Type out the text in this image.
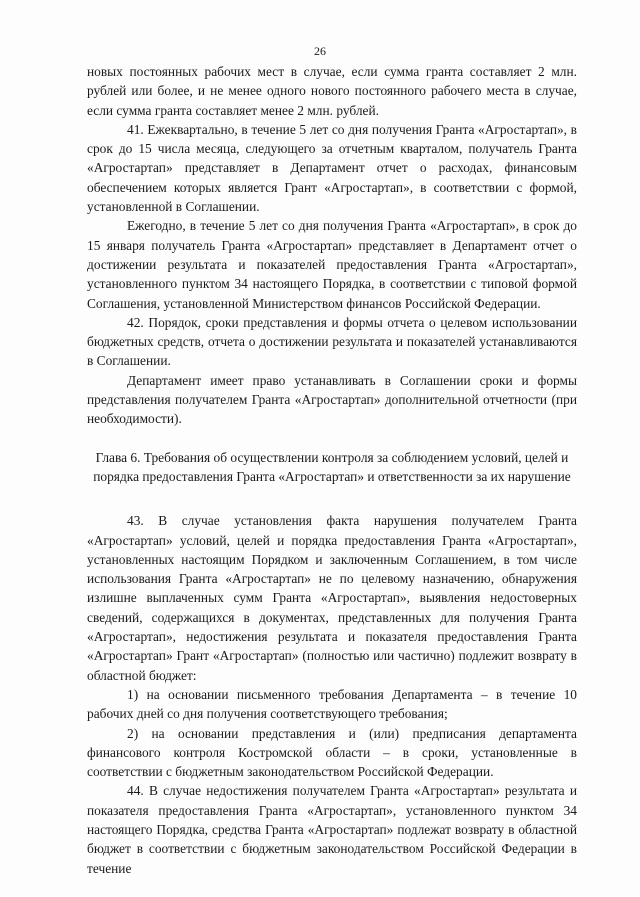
26

новых постоянных рабочих мест в случае, если сумма гранта составляет 2 млн. рублей или более, и не менее одного нового постоянного рабочего места в случае, если сумма гранта составляет менее 2 млн. рублей.

41. Ежеквартально, в течение 5 лет со дня получения Гранта «Агростартап», в срок до 15 числа месяца, следующего за отчетным кварталом, получатель Гранта «Агростартап» представляет в Департамент отчет о расходах, финансовым обеспечением которых является Грант «Агростартап», в соответствии с формой, установленной в Соглашении.

Ежегодно, в течение 5 лет со дня получения Гранта «Агростартап», в срок до 15 января получатель Гранта «Агростартап» представляет в Департамент отчет о достижении результата и показателей предоставления Гранта «Агростартап», установленного пунктом 34 настоящего Порядка, в соответствии с типовой формой Соглашения, установленной Министерством финансов Российской Федерации.

42. Порядок, сроки представления и формы отчета о целевом использовании бюджетных средств, отчета о достижении результата и показателей устанавливаются в Соглашении.

Департамент имеет право устанавливать в Соглашении сроки и формы представления получателем Гранта «Агростартап» дополнительной отчетности (при необходимости).

Глава 6. Требования об осуществлении контроля за соблюдением условий, целей и порядка предоставления Гранта «Агростартап» и ответственности за их нарушение

43. В случае установления факта нарушения получателем Гранта «Агростартап» условий, целей и порядка предоставления Гранта «Агростартап», установленных настоящим Порядком и заключенным Соглашением, в том числе использования Гранта «Агростартап» не по целевому назначению, обнаружения излишне выплаченных сумм Гранта «Агростартап», выявления недостоверных сведений, содержащихся в документах, представленных для получения Гранта «Агростартап», недостижения результата и показателя предоставления Гранта «Агростартап» Грант «Агростартап» (полностью или частично) подлежит возврату в областной бюджет:

1) на основании письменного требования Департамента – в течение 10 рабочих дней со дня получения соответствующего требования;

2) на основании представления и (или) предписания департамента финансового контроля Костромской области – в сроки, установленные в соответствии с бюджетным законодательством Российской Федерации.

44. В случае недостижения получателем Гранта «Агростартап» результата и показателя предоставления Гранта «Агростартап», установленного пунктом 34 настоящего Порядка, средства Гранта «Агростартап» подлежат возврату в областной бюджет в соответствии с бюджетным законодательством Российской Федерации в течение
